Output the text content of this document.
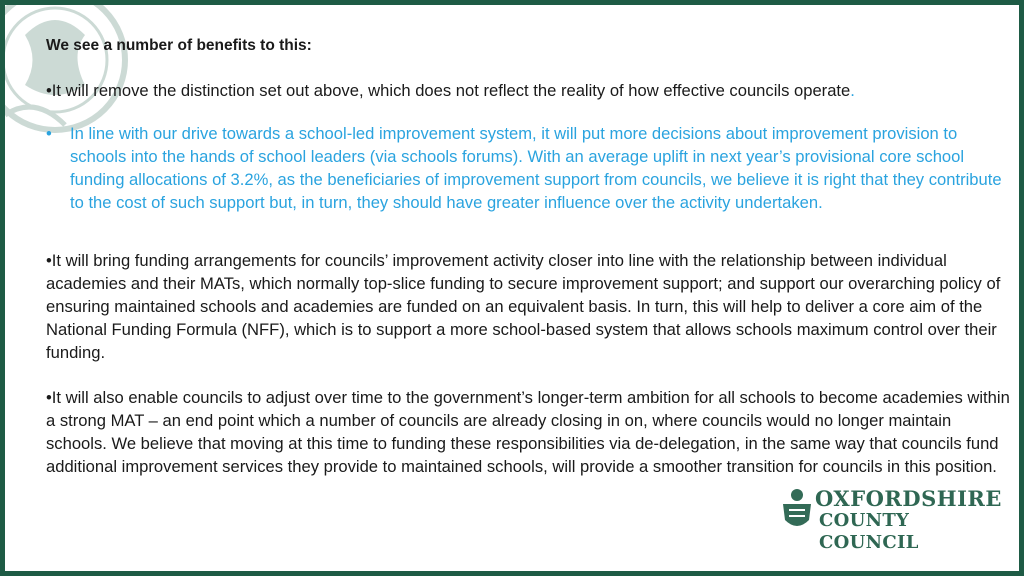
We see a number of benefits to this:

•It will remove the distinction set out above, which does not reflect the reality of how effective councils operate.

•	In line with our drive towards a school-led improvement system, it will put more decisions about improvement provision to schools into the hands of school leaders (via schools forums). With an average uplift in next year’s provisional core school funding allocations of 3.2%, as the beneficiaries of improvement support from councils, we believe it is right that they contribute to the cost of such support but, in turn, they should have greater influence over the activity undertaken.

•It will bring funding arrangements for councils’ improvement activity closer into line with the relationship between individual academies and their MATs, which normally top-slice funding to secure improvement support; and support our overarching policy of ensuring maintained schools and academies are funded on an equivalent basis. In turn, this will help to deliver a core aim of the National Funding Formula (NFF), which is to support a more school-based system that allows schools maximum control over their funding.

•It will also enable councils to adjust over time to the government’s longer-term ambition for all schools to become academies within a strong MAT – an end point which a number of councils are already closing in on, where councils would no longer maintain schools. We believe that moving at this time to funding these responsibilities via de-delegation, in the same way that councils fund additional improvement services they provide to maintained schools, will provide a smoother transition for councils in this position.

OXFORDSHIRE
COUNTY COUNCIL
